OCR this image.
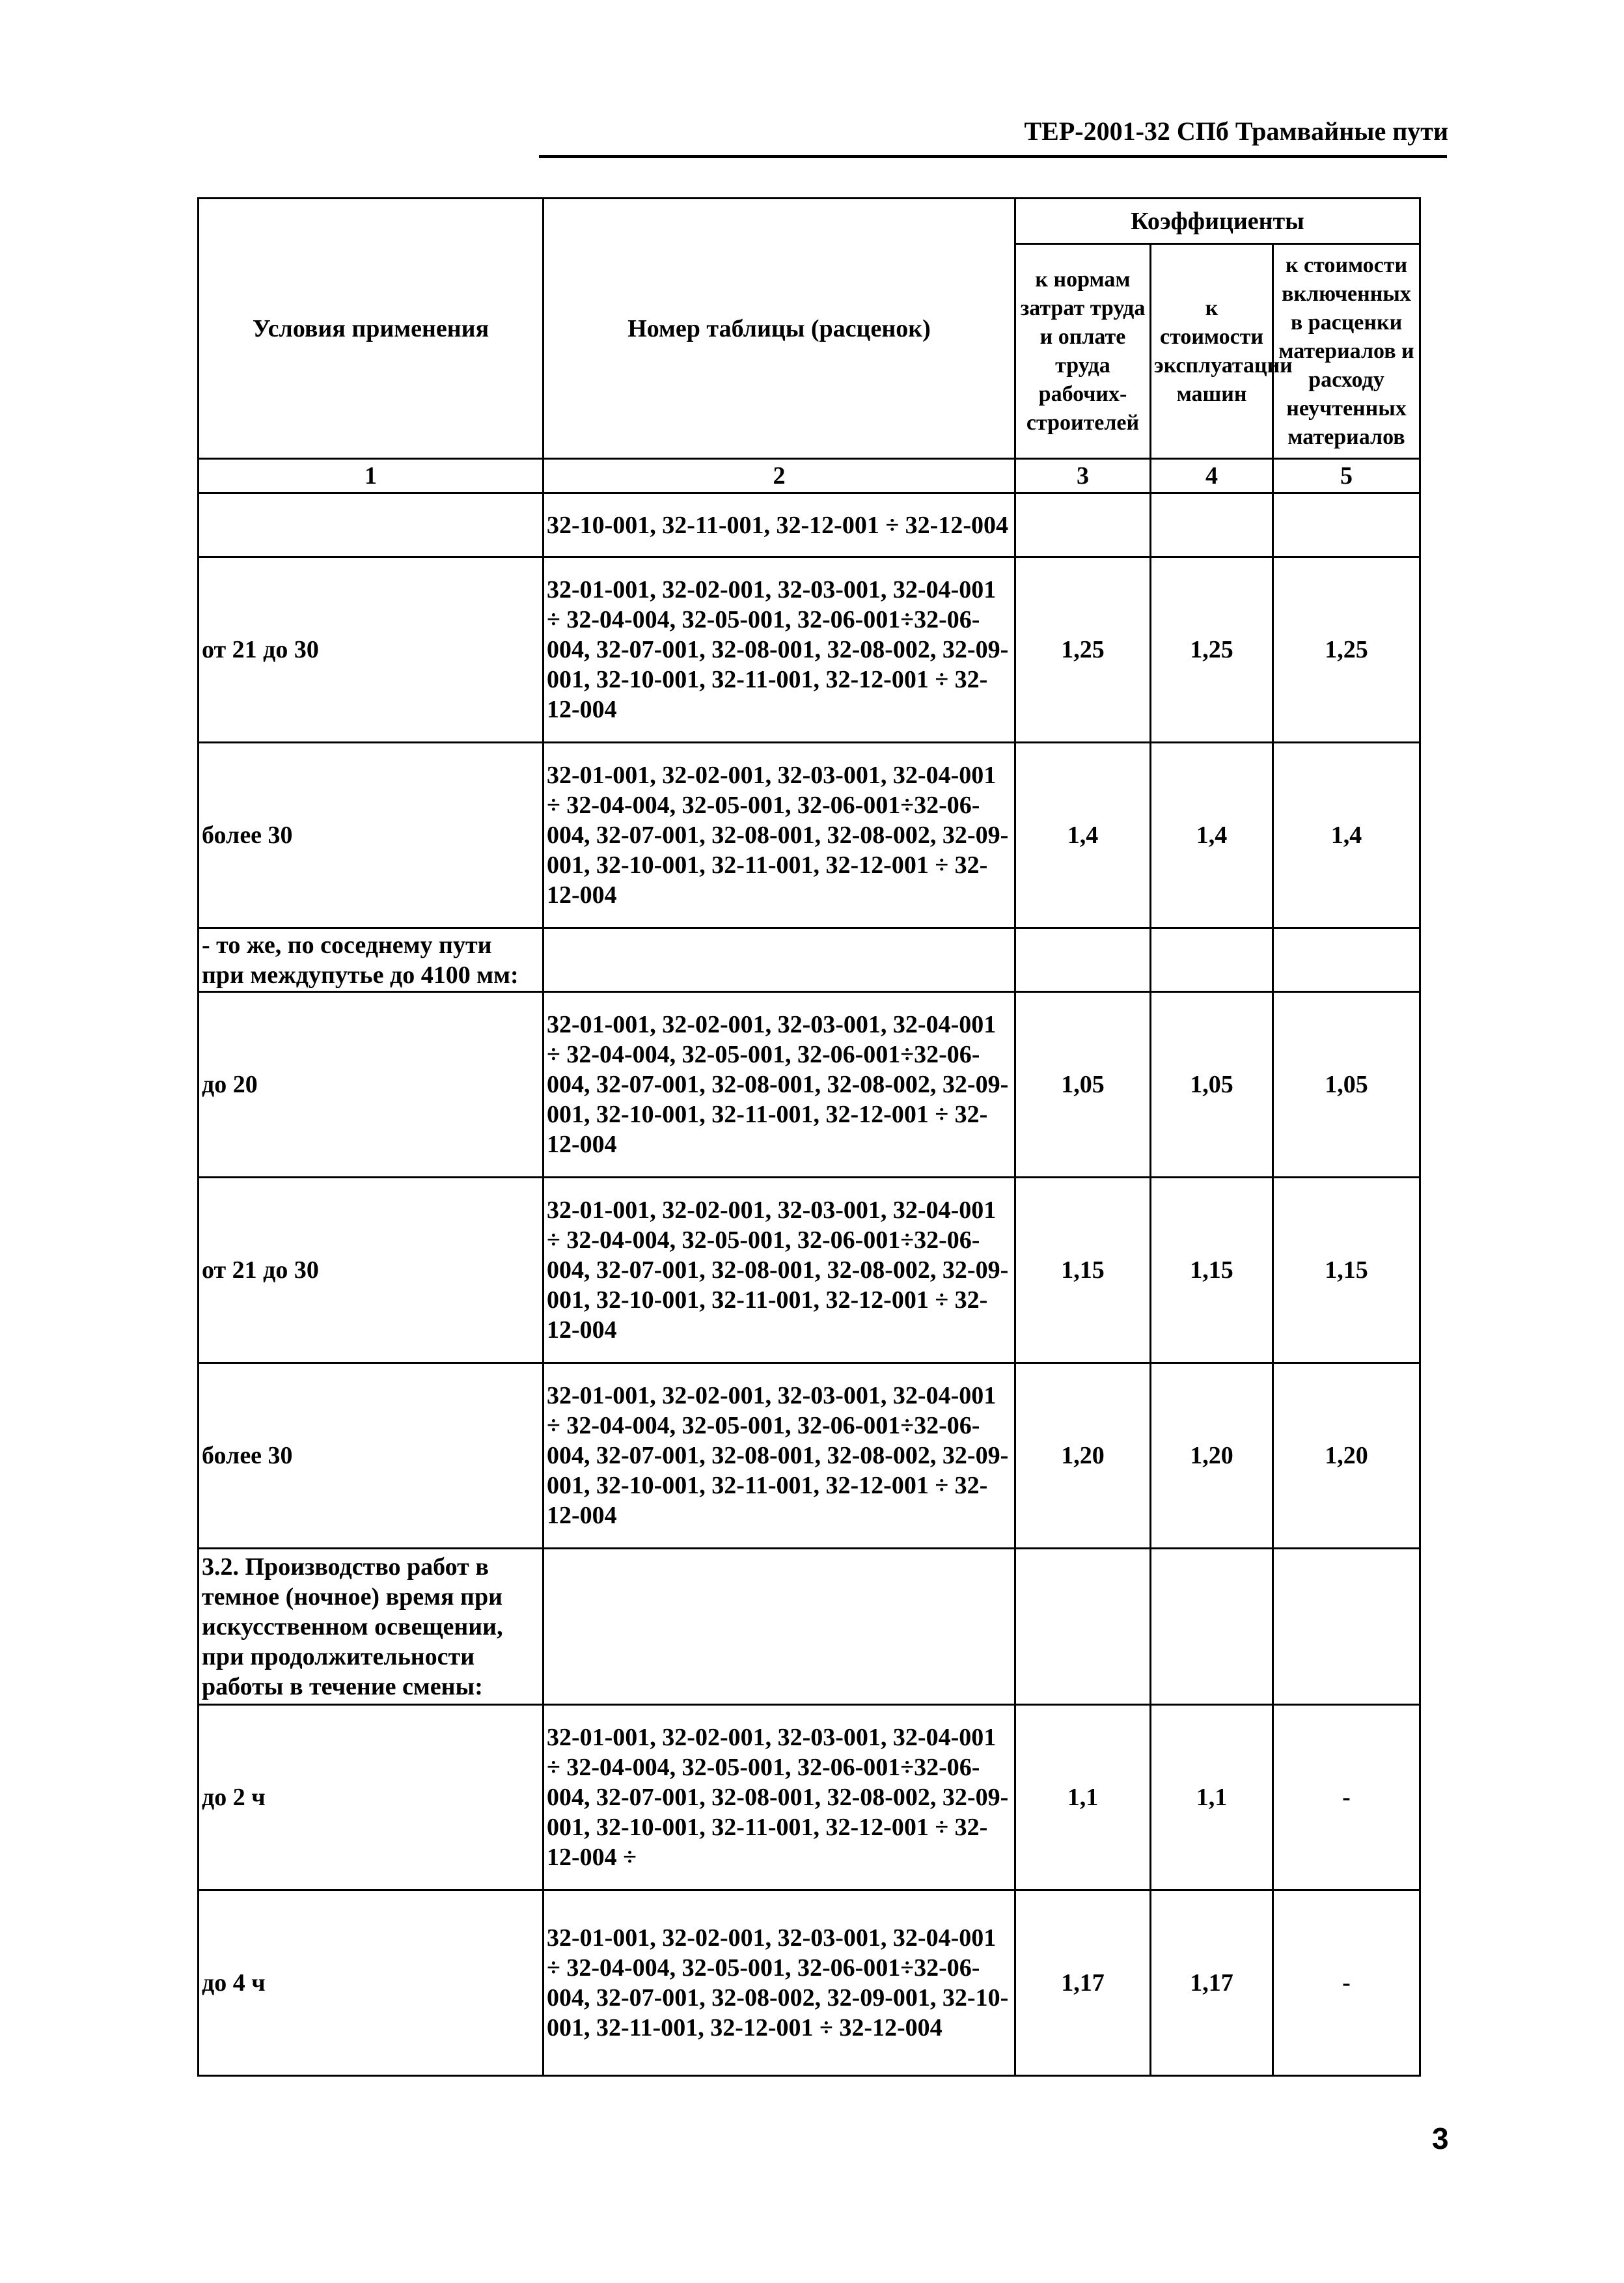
ТЕР-2001-32 СПб Трамвайные пути
Условия применения	Номер таблицы (расценок)	Коэффициенты		
		к нормам затрат труда и оплате труда рабочих-строителей	к стоимости эксплуатации машин	к стоимости включенных в расценки материалов и расходу неучтенных материалов
1	2	3	4	5
	32-10-001, 32-11-001, 32-12-001 ÷ 32-12-004			
от 21 до 30	32-01-001, 32-02-001, 32-03-001, 32-04-001 ÷ 32-04-004, 32-05-001, 32-06-001÷32-06-004, 32-07-001, 32-08-001, 32-08-002, 32-09-001, 32-10-001, 32-11-001, 32-12-001 ÷ 32-12-004	1,25	1,25	1,25
более 30	32-01-001, 32-02-001, 32-03-001, 32-04-001 ÷ 32-04-004, 32-05-001, 32-06-001÷32-06-004, 32-07-001, 32-08-001, 32-08-002, 32-09-001, 32-10-001, 32-11-001, 32-12-001 ÷ 32-12-004	1,4	1,4	1,4
- то же, по соседнему пути при междупутье до 4100 мм:				
до 20	32-01-001, 32-02-001, 32-03-001, 32-04-001 ÷ 32-04-004, 32-05-001, 32-06-001÷32-06-004, 32-07-001, 32-08-001, 32-08-002, 32-09-001, 32-10-001, 32-11-001, 32-12-001 ÷ 32-12-004	1,05	1,05	1,05
от 21 до 30	32-01-001, 32-02-001, 32-03-001, 32-04-001 ÷ 32-04-004, 32-05-001, 32-06-001÷32-06-004, 32-07-001, 32-08-001, 32-08-002, 32-09-001, 32-10-001, 32-11-001, 32-12-001 ÷ 32-12-004	1,15	1,15	1,15
более 30	32-01-001, 32-02-001, 32-03-001, 32-04-001 ÷ 32-04-004, 32-05-001, 32-06-001÷32-06-004, 32-07-001, 32-08-001, 32-08-002, 32-09-001, 32-10-001, 32-11-001, 32-12-001 ÷ 32-12-004	1,20	1,20	1,20
3.2. Производство работ в темное (ночное) время при искусственном освещении, при продолжительности работы в течение смены:				
до 2 ч	32-01-001, 32-02-001, 32-03-001, 32-04-001 ÷ 32-04-004, 32-05-001, 32-06-001÷32-06-004, 32-07-001, 32-08-001, 32-08-002, 32-09-001, 32-10-001, 32-11-001, 32-12-001 ÷ 32-12-004 ÷	1,1	1,1	-
до 4 ч	32-01-001, 32-02-001, 32-03-001, 32-04-001 ÷ 32-04-004, 32-05-001, 32-06-001÷32-06-004, 32-07-001, 32-08-002, 32-09-001, 32-10-001, 32-11-001, 32-12-001 ÷ 32-12-004	1,17	1,17	-
3
